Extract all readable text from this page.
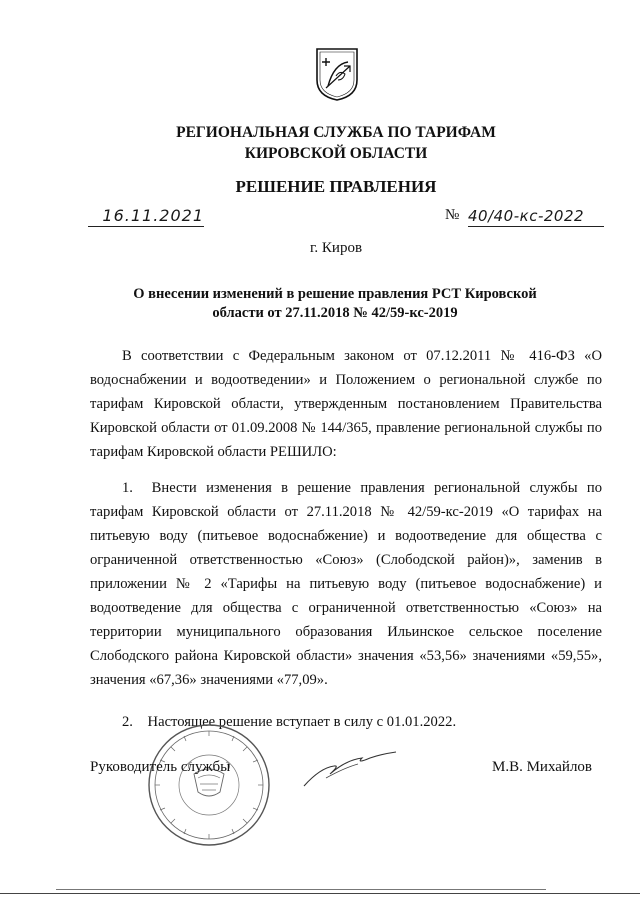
РЕГИОНАЛЬНАЯ СЛУЖБА ПО ТАРИФАМ
КИРОВСКОЙ ОБЛАСТИ
РЕШЕНИЕ ПРАВЛЕНИЯ
16.11.2021	№ 40/40-кс-2022
г. Киров
О внесении изменений в решение правления РСТ Кировской
области от 27.11.2018 № 42/59-кс-2019

В соответствии с Федеральным законом от 07.12.2011 № 416-ФЗ «О водоснабжении и водоотведении» и Положением о региональной службе по тарифам Кировской области, утвержденным постановлением Правительства Кировской области от 01.09.2008 № 144/365, правление региональной службы по тарифам Кировской области РЕШИЛО:

1. Внести изменения в решение правления региональной службы по тарифам Кировской области от 27.11.2018 № 42/59-кс-2019 «О тарифах на питьевую воду (питьевое водоснабжение) и водоотведение для общества с ограниченной ответственностью «Союз» (Слободской район)», заменив в приложении № 2 «Тарифы на питьевую воду (питьевое водоснабжение) и водоотведение для общества с ограниченной ответственностью «Союз» на территории муниципального образования Ильинское сельское поселение Слободского района Кировской области» значения «53,56» значениями «59,55», значения «67,36» значениями «77,09».

2. Настоящее решение вступает в силу с 01.01.2022.

Руководитель службы	М.В. Михайлов
